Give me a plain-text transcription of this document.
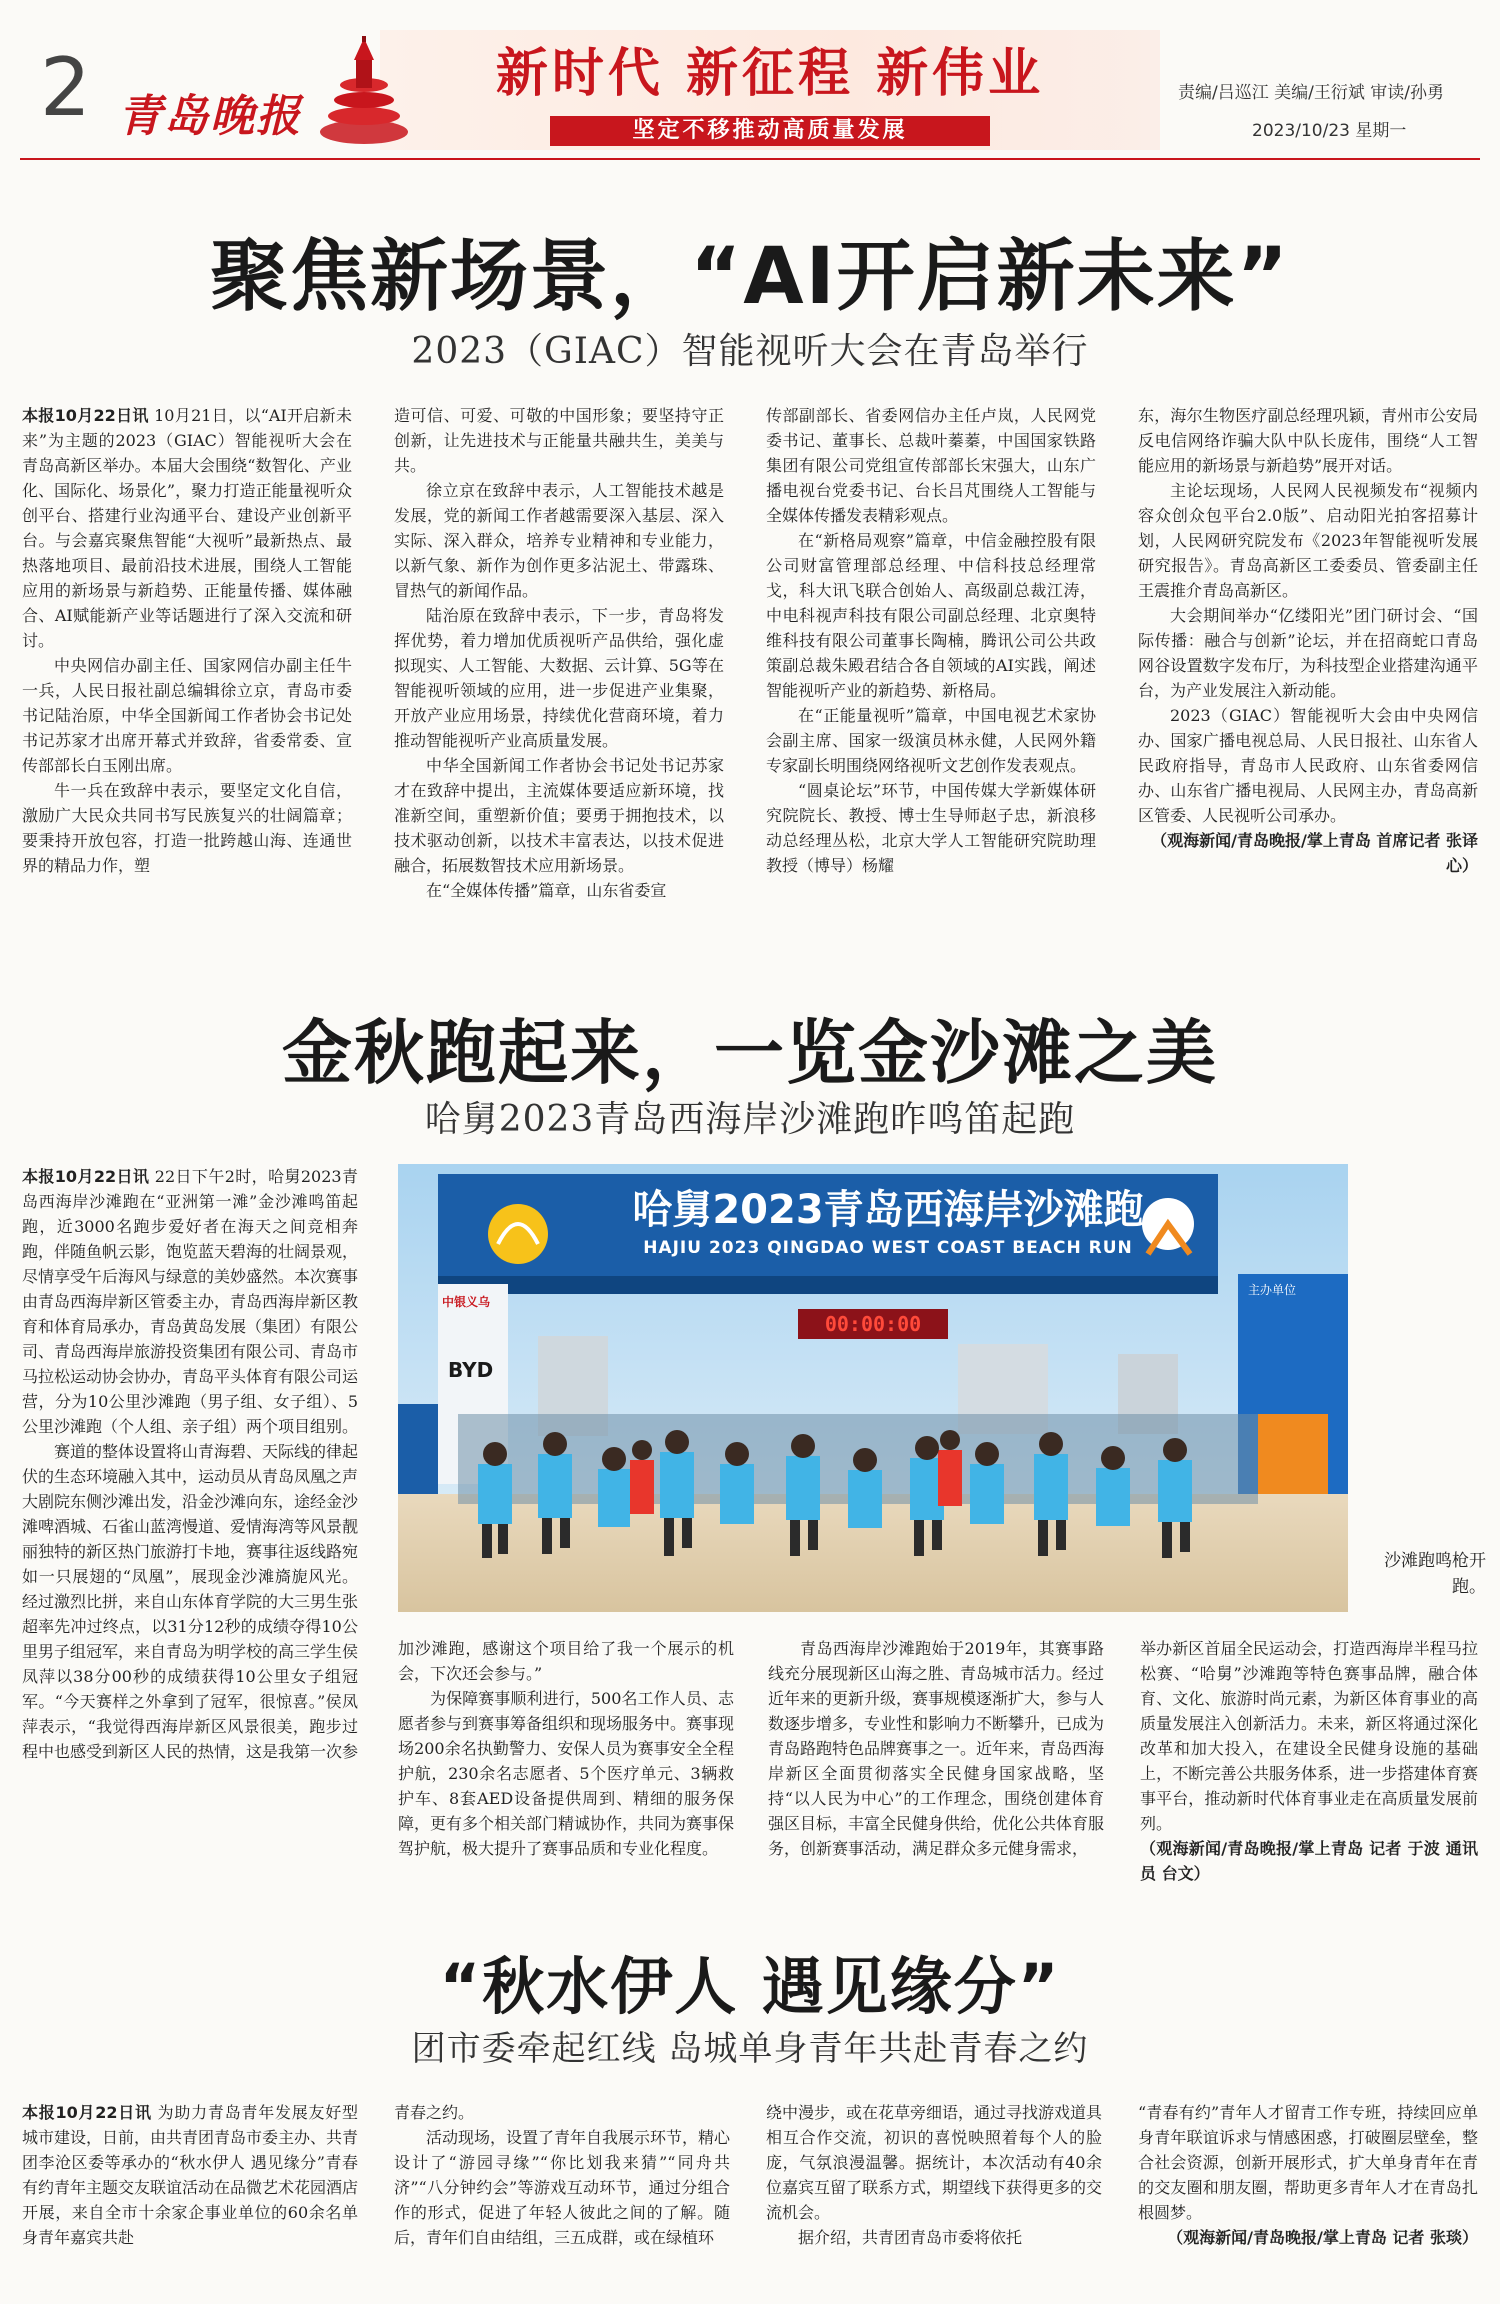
2 青岛晚报
新时代 新征程 新伟业
坚定不移推动高质量发展
责编/吕巡江 美编/王衍斌 审读/孙勇
2023/10/23 星期一
聚焦新场景，“AI开启新未来”
2023（GIAC）智能视听大会在青岛举行

本报10月22日讯 10月21日，以“AI开启新未来”为主题的2023（GIAC）智能视听大会在青岛高新区举办。本届大会围绕“数智化、产业化、国际化、场景化”，聚力打造正能量视听众创平台、搭建行业沟通平台、建设产业创新平台。与会嘉宾聚焦智能“大视听”最新热点、最热落地项目、最前沿技术进展，围绕人工智能应用的新场景与新趋势、正能量传播、媒体融合、AI赋能新产业等话题进行了深入交流和研讨。

中央网信办副主任、国家网信办副主任牛一兵，人民日报社副总编辑徐立京，青岛市委书记陆治原，中华全国新闻工作者协会书记处书记苏家才出席开幕式并致辞，省委常委、宣传部部长白玉刚出席。

牛一兵在致辞中表示，要坚定文化自信，激励广大民众共同书写民族复兴的壮阔篇章；要秉持开放包容，打造一批跨越山海、连通世界的精品力作，塑

造可信、可爱、可敬的中国形象；要坚持守正创新，让先进技术与正能量共融共生，美美与共。

徐立京在致辞中表示，人工智能技术越是发展，党的新闻工作者越需要深入基层、深入实际、深入群众，培养专业精神和专业能力，以新气象、新作为创作更多沾泥土、带露珠、冒热气的新闻作品。

陆治原在致辞中表示，下一步，青岛将发挥优势，着力增加优质视听产品供给，强化虚拟现实、人工智能、大数据、云计算、5G等在智能视听领域的应用，进一步促进产业集聚，开放产业应用场景，持续优化营商环境，着力推动智能视听产业高质量发展。

中华全国新闻工作者协会书记处书记苏家才在致辞中提出，主流媒体要适应新环境，找准新空间，重塑新价值；要勇于拥抱技术，以技术驱动创新，以技术丰富表达，以技术促进融合，拓展数智技术应用新场景。

在“全媒体传播”篇章，山东省委宣

传部副部长、省委网信办主任卢岚，人民网党委书记、董事长、总裁叶蓁蓁，中国国家铁路集团有限公司党组宣传部部长宋强大，山东广播电视台党委书记、台长吕芃围绕人工智能与全媒体传播发表精彩观点。

在“新格局观察”篇章，中信金融控股有限公司财富管理部总经理、中信科技总经理常戈，科大讯飞联合创始人、高级副总裁江涛，中电科视声科技有限公司副总经理、北京奥特维科技有限公司董事长陶楠，腾讯公司公共政策副总裁朱殿君结合各自领域的AI实践，阐述智能视听产业的新趋势、新格局。

在“正能量视听”篇章，中国电视艺术家协会副主席、国家一级演员林永健，人民网外籍专家副长明围绕网络视听文艺创作发表观点。

“圆桌论坛”环节，中国传媒大学新媒体研究院院长、教授、博士生导师赵子忠，新浪移动总经理丛松，北京大学人工智能研究院助理教授（博导）杨耀

东，海尔生物医疗副总经理巩颖，青州市公安局反电信网络诈骗大队中队长庞伟，围绕“人工智能应用的新场景与新趋势”展开对话。

主论坛现场，人民网人民视频发布“视频内容众创众包平台2.0版”、启动阳光拍客招募计划，人民网研究院发布《2023年智能视听发展研究报告》。青岛高新区工委委员、管委副主任王震推介青岛高新区。

大会期间举办“亿缕阳光”团门研讨会、“国际传播：融合与创新”论坛，并在招商蛇口青岛网谷设置数字发布厅，为科技型企业搭建沟通平台，为产业发展注入新动能。

2023（GIAC）智能视听大会由中央网信办、国家广播电视总局、人民日报社、山东省人民政府指导，青岛市人民政府、山东省委网信办、山东省广播电视局、人民网主办，青岛高新区管委、人民视听公司承办。

（观海新闻/青岛晚报/掌上青岛 首席记者 张译心）

金秋跑起来，一览金沙滩之美
哈舅2023青岛西海岸沙滩跑昨鸣笛起跑

本报10月22日讯 22日下午2时，哈舅2023青岛西海岸沙滩跑在“亚洲第一滩”金沙滩鸣笛起跑，近3000名跑步爱好者在海天之间竞相奔跑，伴随鱼帆云影，饱览蓝天碧海的壮阔景观，尽情享受午后海风与绿意的美妙盛然。本次赛事由青岛西海岸新区管委主办，青岛西海岸新区教育和体育局承办，青岛黄岛发展（集团）有限公司、青岛西海岸旅游投资集团有限公司、青岛市马拉松运动协会协办，青岛平头体育有限公司运营，分为10公里沙滩跑（男子组、女子组）、5公里沙滩跑（个人组、亲子组）两个项目组别。

赛道的整体设置将山青海碧、天际线的律起伏的生态环境融入其中，运动员从青岛凤凰之声大剧院东侧沙滩出发，沿金沙滩向东，途经金沙滩啤酒城、石雀山蓝湾慢道、爱情海湾等风景靓丽独特的新区热门旅游打卡地，赛事往返线路宛如一只展翅的“凤凰”，展现金沙滩旖旎风光。经过激烈比拼，来自山东体育学院的大三男生张超率先冲过终点，以31分12秒的成绩夺得10公里男子组冠军，来自青岛为明学校的高三学生侯凤萍以38分00秒的成绩获得10公里女子组冠军。“今天赛样之外拿到了冠军，很惊喜。”侯凤萍表示，“我觉得西海岸新区风景很美，跑步过程中也感受到新区人民的热情，这是我第一次参

哈舅2023青岛西海岸沙滩跑
HAJIU 2023 QINGDAO WEST COAST BEACH RUN
中银义乌
BYD
00:00:00
主办单位
沙滩跑鸣枪开跑。

加沙滩跑，感谢这个项目给了我一个展示的机会，下次还会参与。”

为保障赛事顺利进行，500名工作人员、志愿者参与到赛事筹备组织和现场服务中。赛事现场200余名执勤警力、安保人员为赛事安全全程护航，230余名志愿者、5个医疗单元、3辆救护车、8套AED设备提供周到、精细的服务保障，更有多个相关部门精诚协作，共同为赛事保驾护航，极大提升了赛事品质和专业化程度。

青岛西海岸沙滩跑始于2019年，其赛事路线充分展现新区山海之胜、青岛城市活力。经过近年来的更新升级，赛事规模逐渐扩大，参与人数逐步增多，专业性和影响力不断攀升，已成为青岛路跑特色品牌赛事之一。近年来，青岛西海岸新区全面贯彻落实全民健身国家战略，坚持“以人民为中心”的工作理念，围绕创建体育强区目标，丰富全民健身供给，优化公共体育服务，创新赛事活动，满足群众多元健身需求，

举办新区首届全民运动会，打造西海岸半程马拉松赛、“哈舅”沙滩跑等特色赛事品牌，融合体育、文化、旅游时尚元素，为新区体育事业的高质量发展注入创新活力。未来，新区将通过深化改革和加大投入，在建设全民健身设施的基础上，不断完善公共服务体系，进一步搭建体育赛事平台，推动新时代体育事业走在高质量发展前列。

（观海新闻/青岛晚报/掌上青岛 记者 于波 通讯员 台文）

“秋水伊人 遇见缘分”
团市委牵起红线 岛城单身青年共赴青春之约

本报10月22日讯 为助力青岛青年发展友好型城市建设，日前，由共青团青岛市委主办、共青团李沧区委等承办的“秋水伊人 遇见缘分”青春有约青年主题交友联谊活动在品微艺术花园酒店开展，来自全市十余家企事业单位的60余名单身青年嘉宾共赴

青春之约。

活动现场，设置了青年自我展示环节，精心设计了“游园寻缘”“你比划我来猜”“同舟共济”“八分钟约会”等游戏互动环节，通过分组合作的形式，促进了年轻人彼此之间的了解。随后，青年们自由结组，三五成群，或在绿植环

绕中漫步，或在花草旁细语，通过寻找游戏道具相互合作交流，初识的喜悦映照着每个人的脸庞，气氛浪漫温馨。据统计，本次活动有40余位嘉宾互留了联系方式，期望线下获得更多的交流机会。

据介绍，共青团青岛市委将依托

“青春有约”青年人才留青工作专班，持续回应单身青年联谊诉求与情感困惑，打破圈层壁垒，整合社会资源，创新开展形式，扩大单身青年在青的交友圈和朋友圈，帮助更多青年人才在青岛扎根圆梦。

（观海新闻/青岛晚报/掌上青岛 记者 张琰）
